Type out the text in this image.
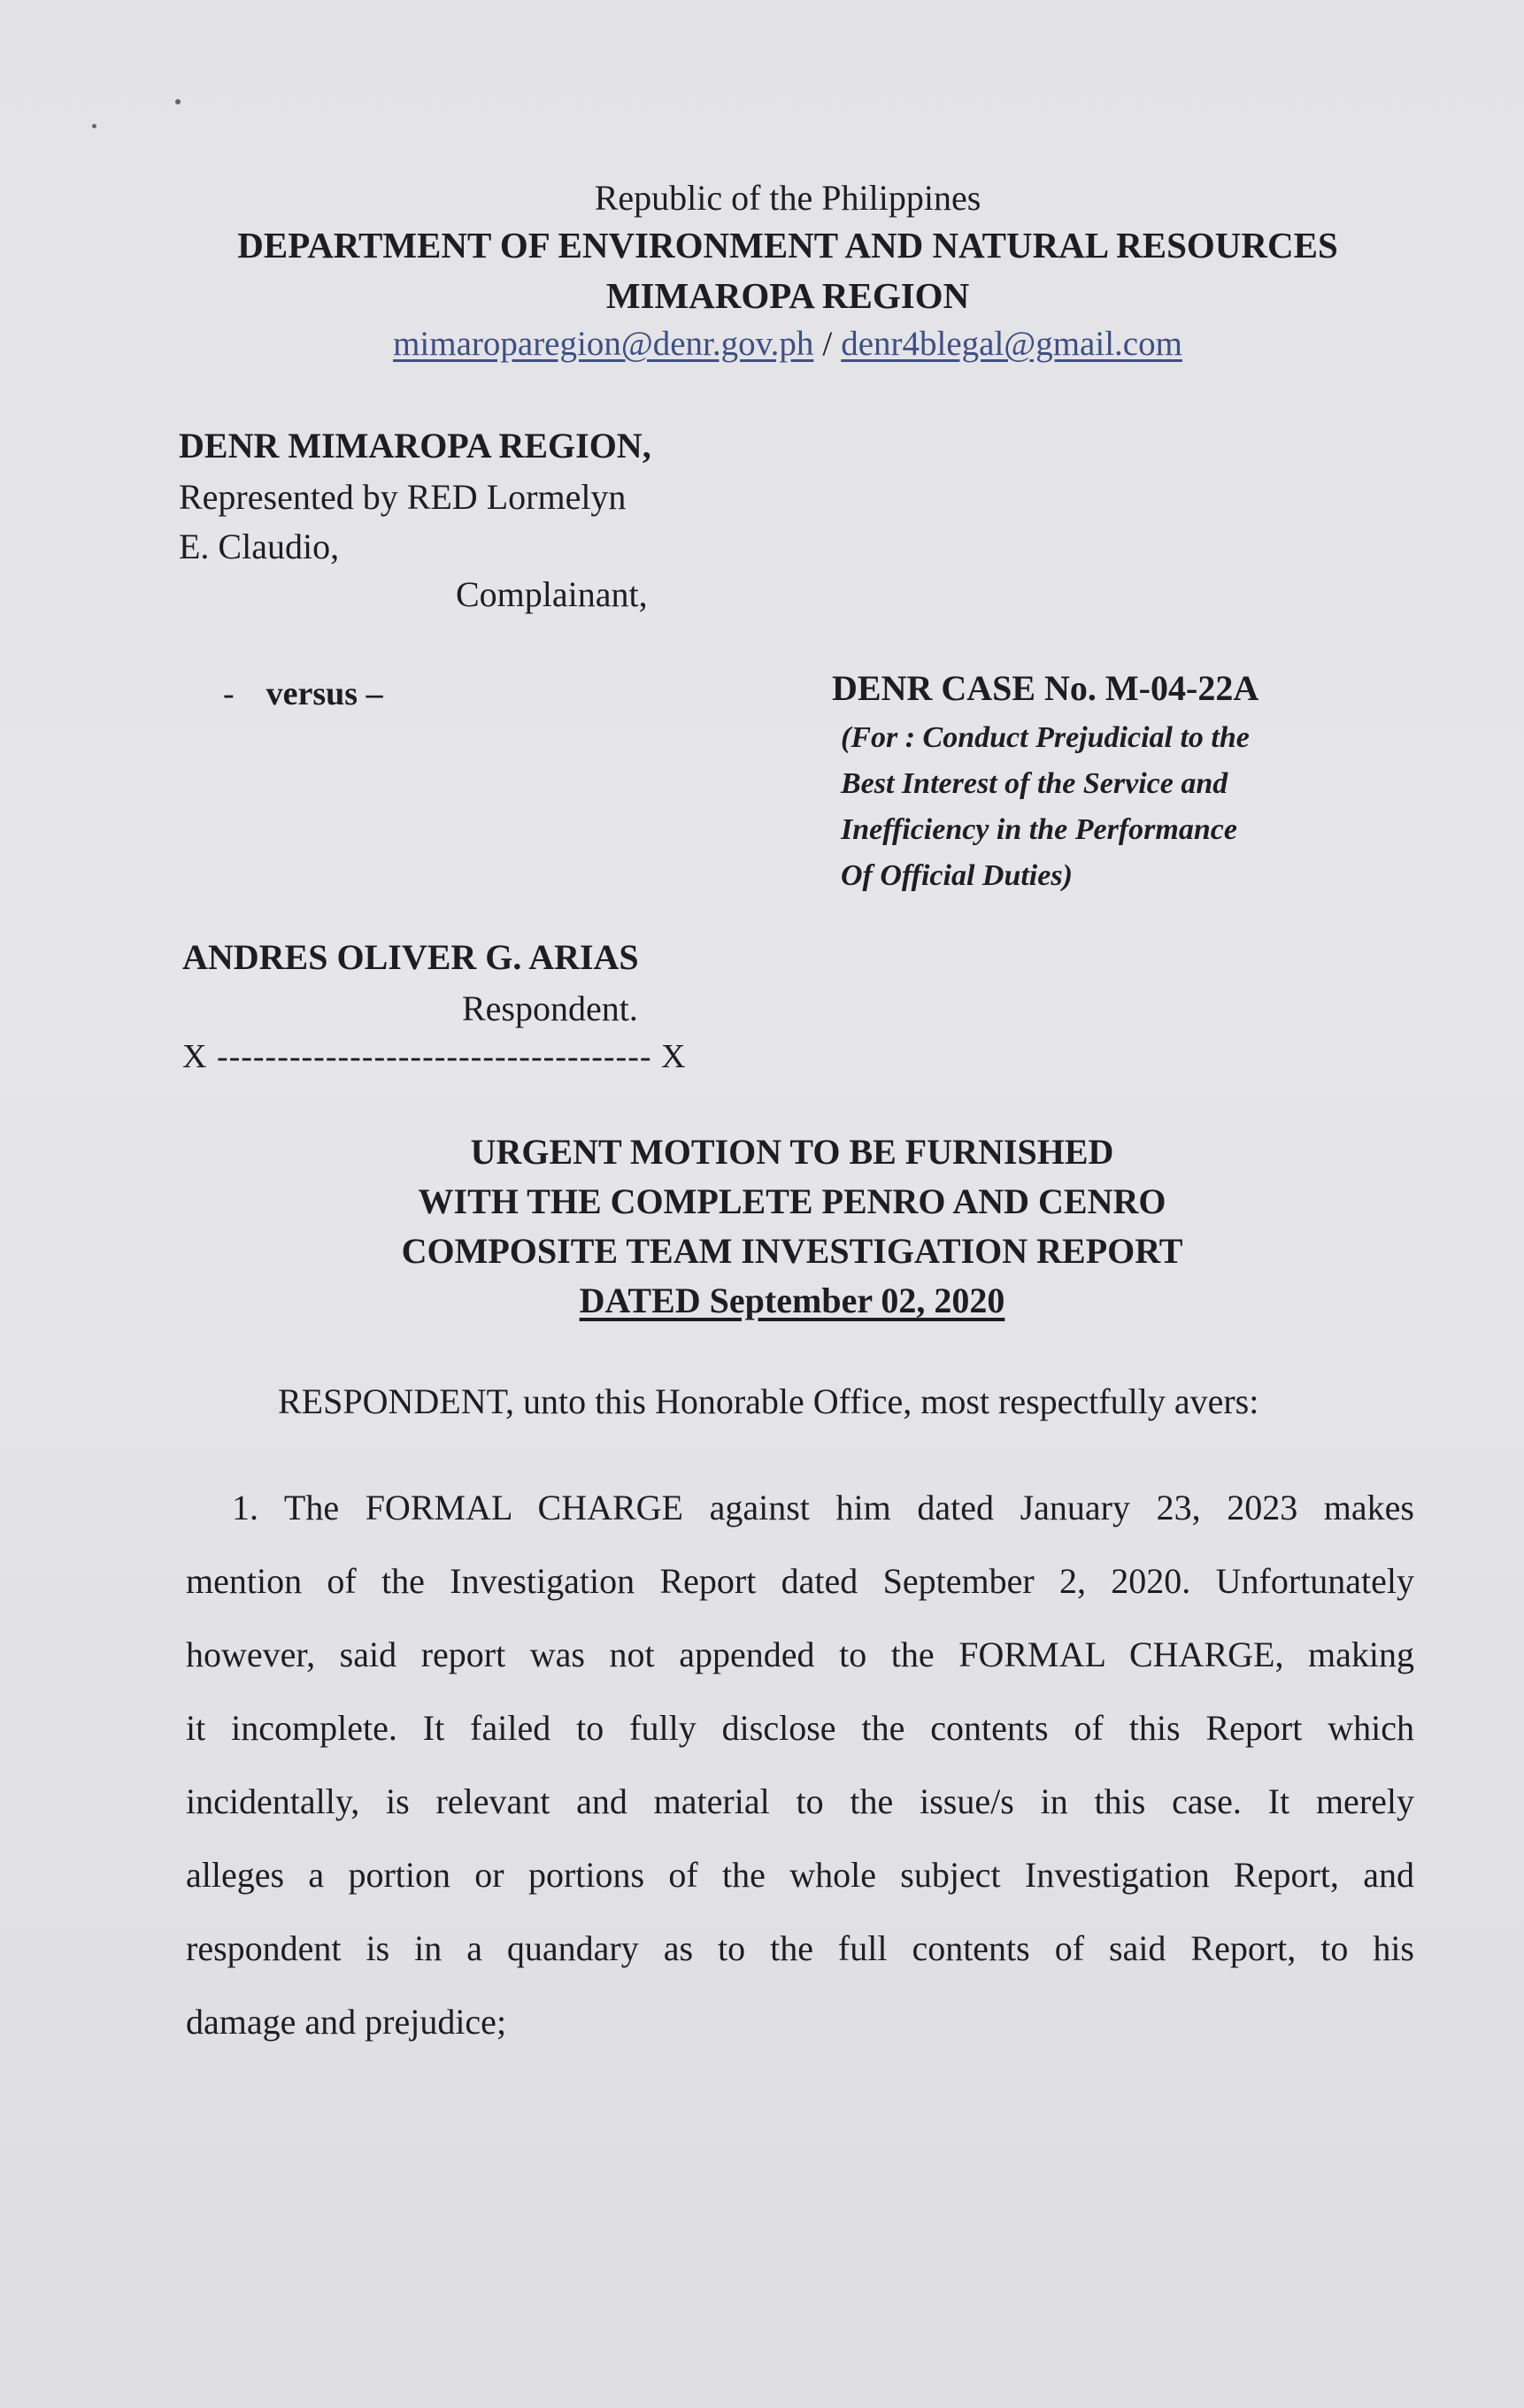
Republic of the Philippines
DEPARTMENT OF ENVIRONMENT AND NATURAL RESOURCES
MIMAROPA REGION
mimaroparegion@denr.gov.ph / denr4blegal@gmail.com
DENR MIMAROPA REGION,
Represented by RED Lormelyn
E. Claudio,
Complainant,
- versus –	DENR CASE No. M-04-22A
(For : Conduct Prejudicial to the
Best Interest of the Service and
Inefficiency in the Performance
Of Official Duties)
ANDRES OLIVER G. ARIAS
Respondent.
X ------------------------------------ X
URGENT MOTION TO BE FURNISHED
WITH THE COMPLETE PENRO AND CENRO
COMPOSITE TEAM INVESTIGATION REPORT
DATED September 02, 2020
RESPONDENT, unto this Honorable Office, most respectfully avers:
1. The FORMAL CHARGE against him dated January 23, 2023 makes
mention of the Investigation Report dated September 2, 2020. Unfortunately
however, said report was not appended to the FORMAL CHARGE, making
it incomplete. It failed to fully disclose the contents of this Report which
incidentally, is relevant and material to the issue/s in this case. It merely
alleges a portion or portions of the whole subject Investigation Report, and
respondent is in a quandary as to the full contents of said Report, to his
damage and prejudice;
